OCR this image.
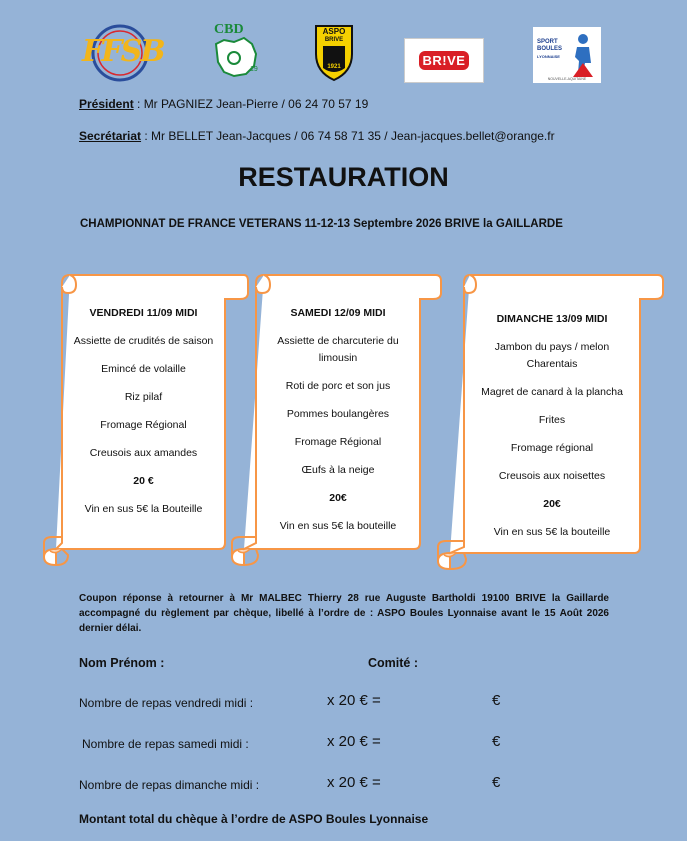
FFSB
CBD
19
ASPO
BRIVE
1921	BR!VE
SPORT
BOULES
LYONNAISE
NOUVELLE-AQUITAINE
Président : Mr PAGNIEZ Jean-Pierre / 06 24 70 57 19
Secrétariat : Mr BELLET Jean-Jacques / 06 74 58 71 35 / Jean-jacques.bellet@orange.fr
RESTAURATION
CHAMPIONNAT DE FRANCE VETERANS 11-12-13 Septembre 2026 BRIVE la GAILLARDE
VENDREDI 11/09 MIDI
Assiette de crudités de saison
Emincé de volaille
Riz pilaf
Fromage Régional
Creusois aux amandes
20 €
Vin en sus 5€ la Bouteille
SAMEDI 12/09 MIDI
Assiette de charcuterie du limousin
Roti de porc et son jus
Pommes boulangères
Fromage Régional
Œufs à la neige
20€
Vin en sus 5€ la bouteille
DIMANCHE 13/09 MIDI
Jambon du pays / melon Charentais
Magret de canard à la plancha
Frites
Fromage régional
Creusois aux noisettes
20€
Vin en sus 5€ la bouteille
Coupon réponse à retourner à Mr MALBEC Thierry 28 rue Auguste Bartholdi 19100 BRIVE la Gaillarde accompagné du règlement par chèque, libellé à l’ordre de : ASPO Boules Lyonnaise avant le 15 Août 2026 dernier délai.
Nom Prénom :	Comité :
Nombre de repas vendredi midi :	x 20 € =	€
Nombre de repas samedi midi :	x 20 € =	€
Nombre de repas dimanche midi :	x 20 € =	€
Montant total du chèque à l’ordre de ASPO Boules Lyonnaise
